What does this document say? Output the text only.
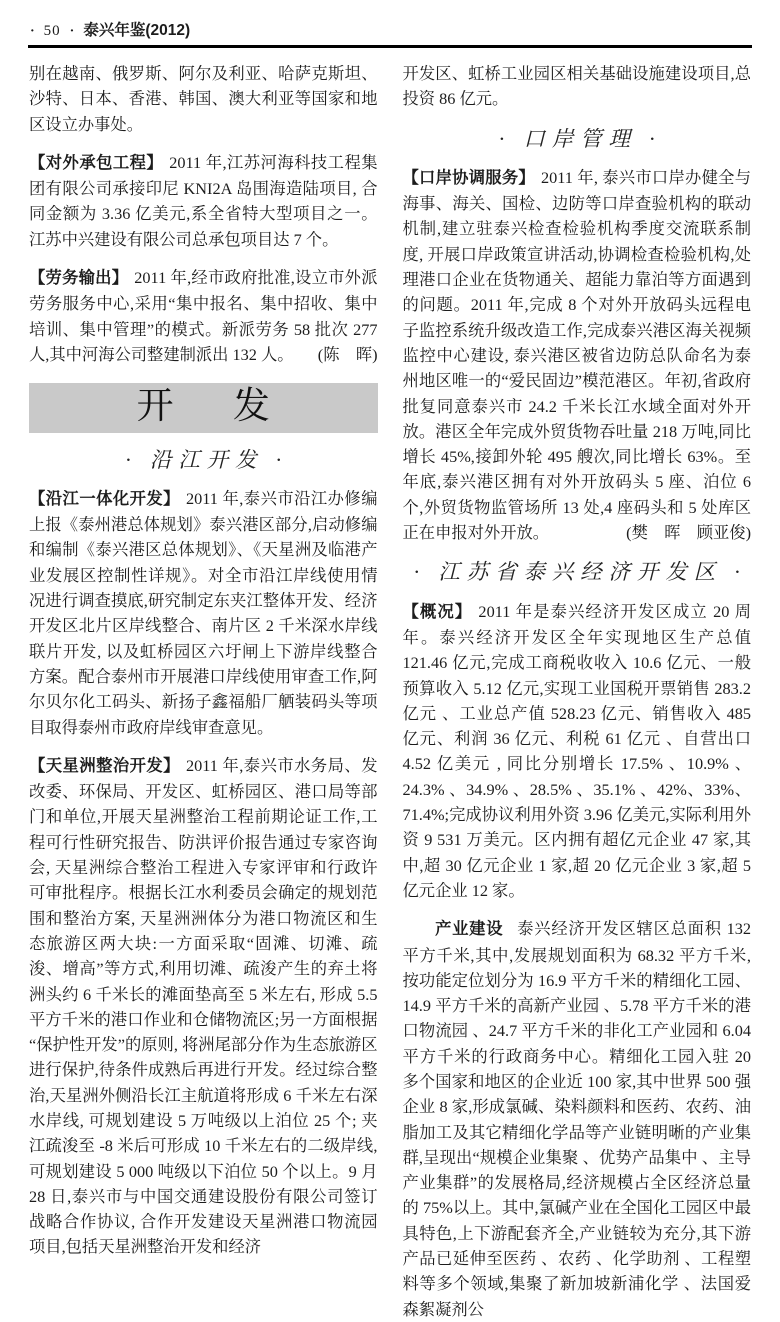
· 50 · 泰兴年鉴(2012)

别在越南、俄罗斯、阿尔及利亚、哈萨克斯坦、沙特、日本、香港、韩国、澳大利亚等国家和地区设立办事处。

【对外承包工程】 2011 年,江苏河海科技工程集团有限公司承接印尼 KNI2A 岛围海造陆项目, 合同金额为 3.36 亿美元,系全省特大型项目之一。江苏中兴建设有限公司总承包项目达 7 个。

【劳务输出】 2011 年,经市政府批准,设立市外派劳务服务中心,采用“集中报名、集中招收、集中培训、集中管理”的模式。新派劳务 58 批次 277 人,其中河海公司整建制派出 132 人。	(陈　晖)

开发
· 沿江开发 ·

【沿江一体化开发】 2011 年,泰兴市沿江办修编上报《泰州港总体规划》泰兴港区部分,启动修编和编制《泰兴港区总体规划》、《天星洲及临港产业发展区控制性详规》。对全市沿江岸线使用情况进行调查摸底,研究制定东夹江整体开发、经济开发区北片区岸线整合、南片区 2 千米深水岸线联片开发, 以及虹桥园区六圩闸上下游岸线整合方案。配合泰州市开展港口岸线使用审查工作,阿尔贝尔化工码头、新扬子鑫福船厂舾装码头等项目取得泰州市政府岸线审查意见。

【天星洲整治开发】 2011 年,泰兴市水务局、发改委、环保局、开发区、虹桥园区、港口局等部门和单位,开展天星洲整治工程前期论证工作,工程可行性研究报告、防洪评价报告通过专家咨询会, 天星洲综合整治工程进入专家评审和行政许可审批程序。根据长江水利委员会确定的规划范围和整治方案, 天星洲洲体分为港口物流区和生态旅游区两大块:一方面采取“固滩、切滩、疏浚、增高”等方式,利用切滩、疏浚产生的弃土将洲头约 6 千米长的滩面垫高至 5 米左右, 形成 5.5 平方千米的港口作业和仓储物流区;另一方面根据“保护性开发”的原则, 将洲尾部分作为生态旅游区进行保护,待条件成熟后再进行开发。经过综合整治,天星洲外侧沿长江主航道将形成 6 千米左右深水岸线, 可规划建设 5 万吨级以上泊位 25 个; 夹江疏浚至 -8 米后可形成 10 千米左右的二级岸线,可规划建设 5 000 吨级以下泊位 50 个以上。9 月 28 日,泰兴市与中国交通建设股份有限公司签订战略合作协议, 合作开发建设天星洲港口物流园项目,包括天星洲整治开发和经济

开发区、虹桥工业园区相关基础设施建设项目,总投资 86 亿元。

· 口岸管理 ·

【口岸协调服务】 2011 年, 泰兴市口岸办健全与海事、海关、国检、边防等口岸查验机构的联动机制,建立驻泰兴检查检验机构季度交流联系制度, 开展口岸政策宣讲活动,协调检查检验机构,处理港口企业在货物通关、超能力靠泊等方面遇到的问题。2011 年,完成 8 个对外开放码头远程电子监控系统升级改造工作,完成泰兴港区海关视频监控中心建设, 泰兴港区被省边防总队命名为泰州地区唯一的“爱民固边”模范港区。年初,省政府批复同意泰兴市 24.2 千米长江水域全面对外开放。港区全年完成外贸货物吞吐量 218 万吨,同比增长 45%,接卸外轮 495 艘次,同比增长 63%。至年底,泰兴港区拥有对外开放码头 5 座、泊位 6 个,外贸货物监管场所 13 处,4 座码头和 5 处库区正在申报对外开放。	(樊　晖　顾亚俊)

· 江苏省泰兴经济开发区 ·

【概况】 2011 年是泰兴经济开发区成立 20 周年。泰兴经济开发区全年实现地区生产总值 121.46 亿元,完成工商税收收入 10.6 亿元、一般预算收入 5.12 亿元,实现工业国税开票销售 283.2 亿元 、工业总产值 528.23 亿元、销售收入 485 亿元、利润 36 亿元、利税 61 亿元 、自营出口 4.52 亿美元 , 同比分别增长 17.5% 、10.9% 、24.3% 、34.9% 、28.5% 、35.1% 、42%、33%、71.4%;完成协议利用外资 3.96 亿美元,实际利用外资 9 531 万美元。区内拥有超亿元企业 47 家,其中,超 30 亿元企业 1 家,超 20 亿元企业 3 家,超 5亿元企业 12 家。

产业建设 泰兴经济开发区辖区总面积 132 平方千米,其中,发展规划面积为 68.32 平方千米,按功能定位划分为 16.9 平方千米的精细化工园、14.9 平方千米的高新产业园 、5.78 平方千米的港口物流园 、24.7 平方千米的非化工产业园和 6.04 平方千米的行政商务中心。精细化工园入驻 20 多个国家和地区的企业近 100 家,其中世界 500 强企业 8 家,形成氯碱、染料颜料和医药、农药、油脂加工及其它精细化学品等产业链明晰的产业集群,呈现出“规模企业集聚 、优势产品集中 、主导产业集群”的发展格局,经济规模占全区经济总量的 75%以上。其中,氯碱产业在全国化工园区中最具特色,上下游配套齐全,产业链较为充分,其下游产品已延伸至医药 、农药 、化学助剂 、工程塑料等多个领域,集聚了新加坡新浦化学 、法国爱森絮凝剂公
